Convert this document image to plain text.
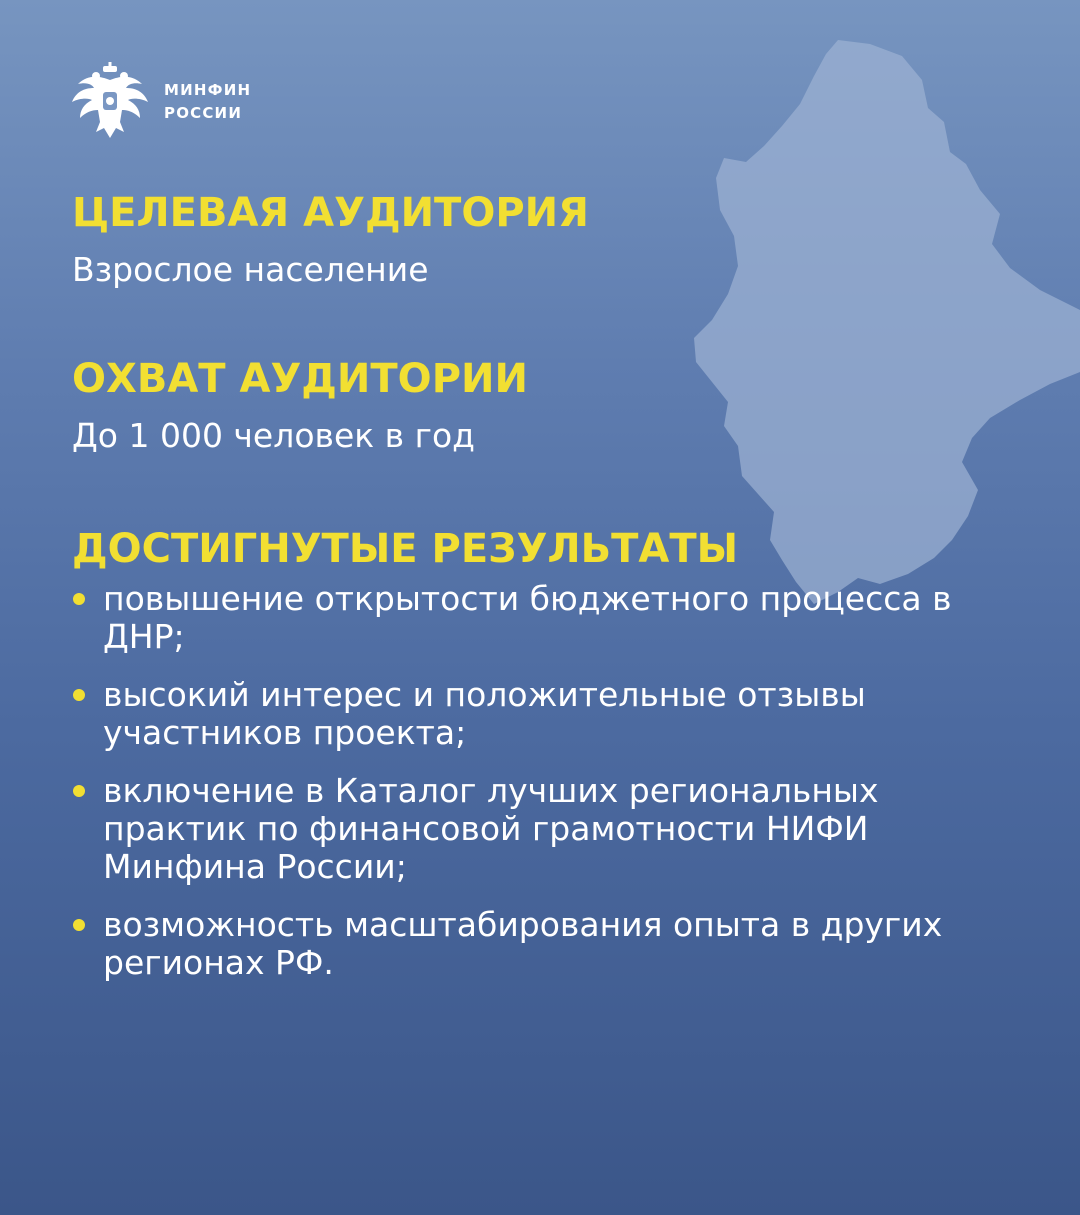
МИНФИН
РОССИИ
ЦЕЛЕВАЯ АУДИТОРИЯ

Взрослое население

ОХВАТ АУДИТОРИИ

До 1 000 человек в год

ДОСТИГНУТЫЕ РЕЗУЛЬТАТЫ
повышение открытости бюджетного процесса в ДНР;
высокий интерес и положительные отзывы участников проекта;
включение в Каталог лучших региональных практик по финансовой грамотности НИФИ Минфина России;
возможность масштабирования опыта в других регионах РФ.
